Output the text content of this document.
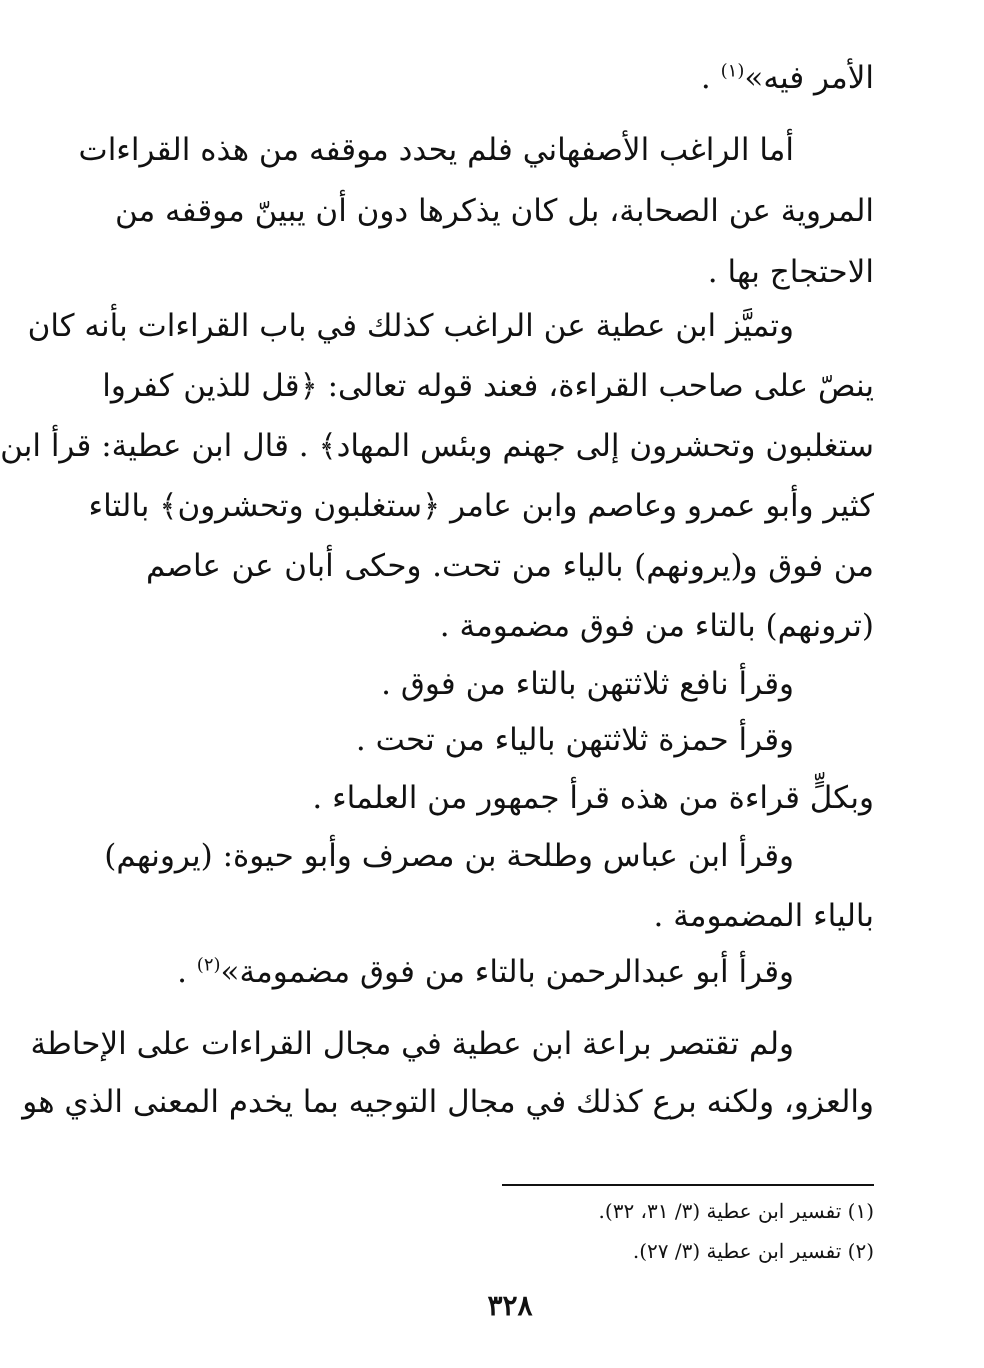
الأمر فيه»$^{(١)}$ .
أما الراغب الأصفهاني فلم يحدد موقفه من هذه القراءات
المروية عن الصحابة، بل كان يذكرها دون أن يبينّ موقفه من
الاحتجاج بها .
وتميَّز ابن عطية عن الراغب كذلك في باب القراءات بأنه كان
ينصّ على صاحب القراءة، فعند قوله تعالى: ﴿قل للذين كفروا
ستغلبون وتحشرون إلى جهنم وبئس المهاد﴾ . قال ابن عطية: قرأ ابن
كثير وأبو عمرو وعاصم وابن عامر ﴿ستغلبون وتحشرون﴾ بالتاء
من فوق و(يرونهم) بالياء من تحت. وحكى أبان عن عاصم
(ترونهم) بالتاء من فوق مضمومة .
وقرأ نافع ثلاثتهن بالتاء من فوق .
وقرأ حمزة ثلاثتهن بالياء من تحت .
وبكلٍّ قراءة من هذه قرأ جمهور من العلماء .
وقرأ ابن عباس وطلحة بن مصرف وأبو حيوة: (يرونهم)
بالياء المضمومة .
وقرأ أبو عبدالرحمن بالتاء من فوق مضمومة»$^{(٢)}$ .
ولم تقتصر براعة ابن عطية في مجال القراءات على الإحاطة
والعزو، ولكنه برع كذلك في مجال التوجيه بما يخدم المعنى الذي هو
(١) تفسير ابن عطية (٣/ ٣١، ٣٢).
(٢) تفسير ابن عطية (٣/ ٢٧).
٣٢٨
